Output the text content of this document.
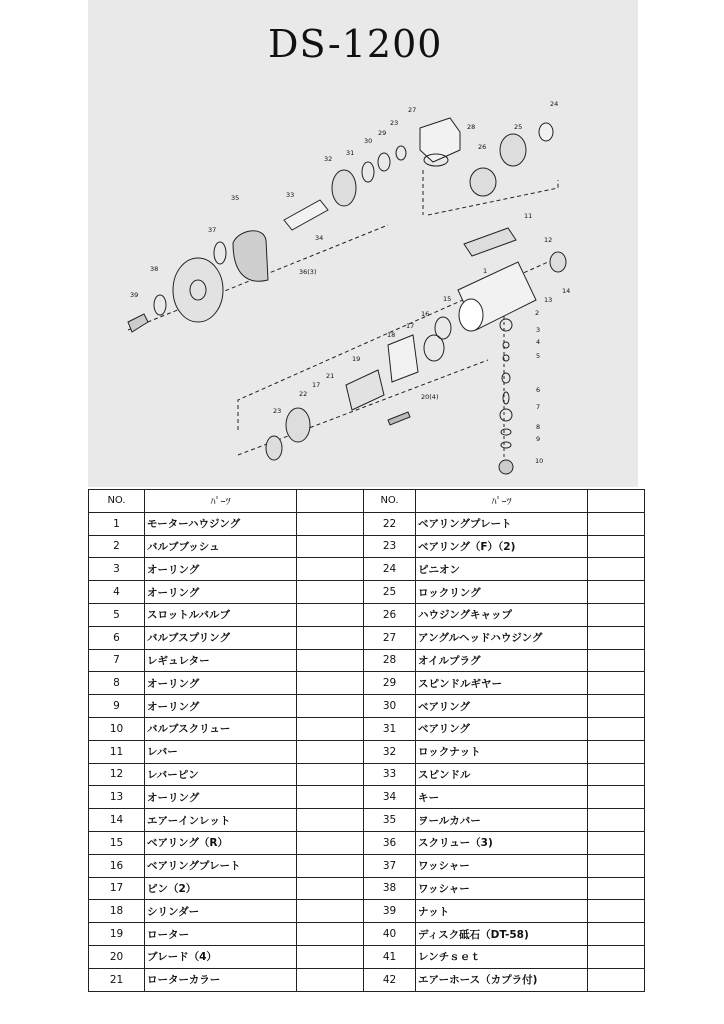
DS-1200
27
24
28
23
29
30
25
31
32
26
33
35
34
11
37
12
36(3)
38	1
14
39
13
15
2
16
3
17
18
4
5
19
21
17
6
20(4)
22
7
23
8
9
10
NO.	ﾊﾟｰﾂ		NO.	ﾊﾟｰﾂ	
1	モーターハウジング		22	ベアリングプレート	
2	バルブブッシュ		23	ベアリング（F）（2)	
3	オーリング		24	ピニオン	
4	オーリング		25	ロックリング	
5	スロットルバルブ		26	ハウジングキャップ	
6	バルブスプリング		27	アングルヘッドハウジング	
7	レギュレター		28	オイルプラグ	
8	オーリング		29	スピンドルギヤー	
9	オーリング		30	ベアリング	
10	バルブスクリュー		31	ベアリング	
11	レバー		32	ロックナット	
12	レバーピン		33	スピンドル	
13	オーリング		34	キー	
14	エアーインレット		35	ヲールカバー	
15	ベアリング（R）		36	スクリュー（3)	
16	ベアリングプレート		37	ワッシャー	
17	ピン（2）		38	ワッシャー	
18	シリンダー		39	ナット	
19	ローター		40	ディスク砥石（DT-58)	
20	ブレード（4）		41	レンチｓｅｔ	
21	ローターカラー		42	エアーホース（カプラ付)	
